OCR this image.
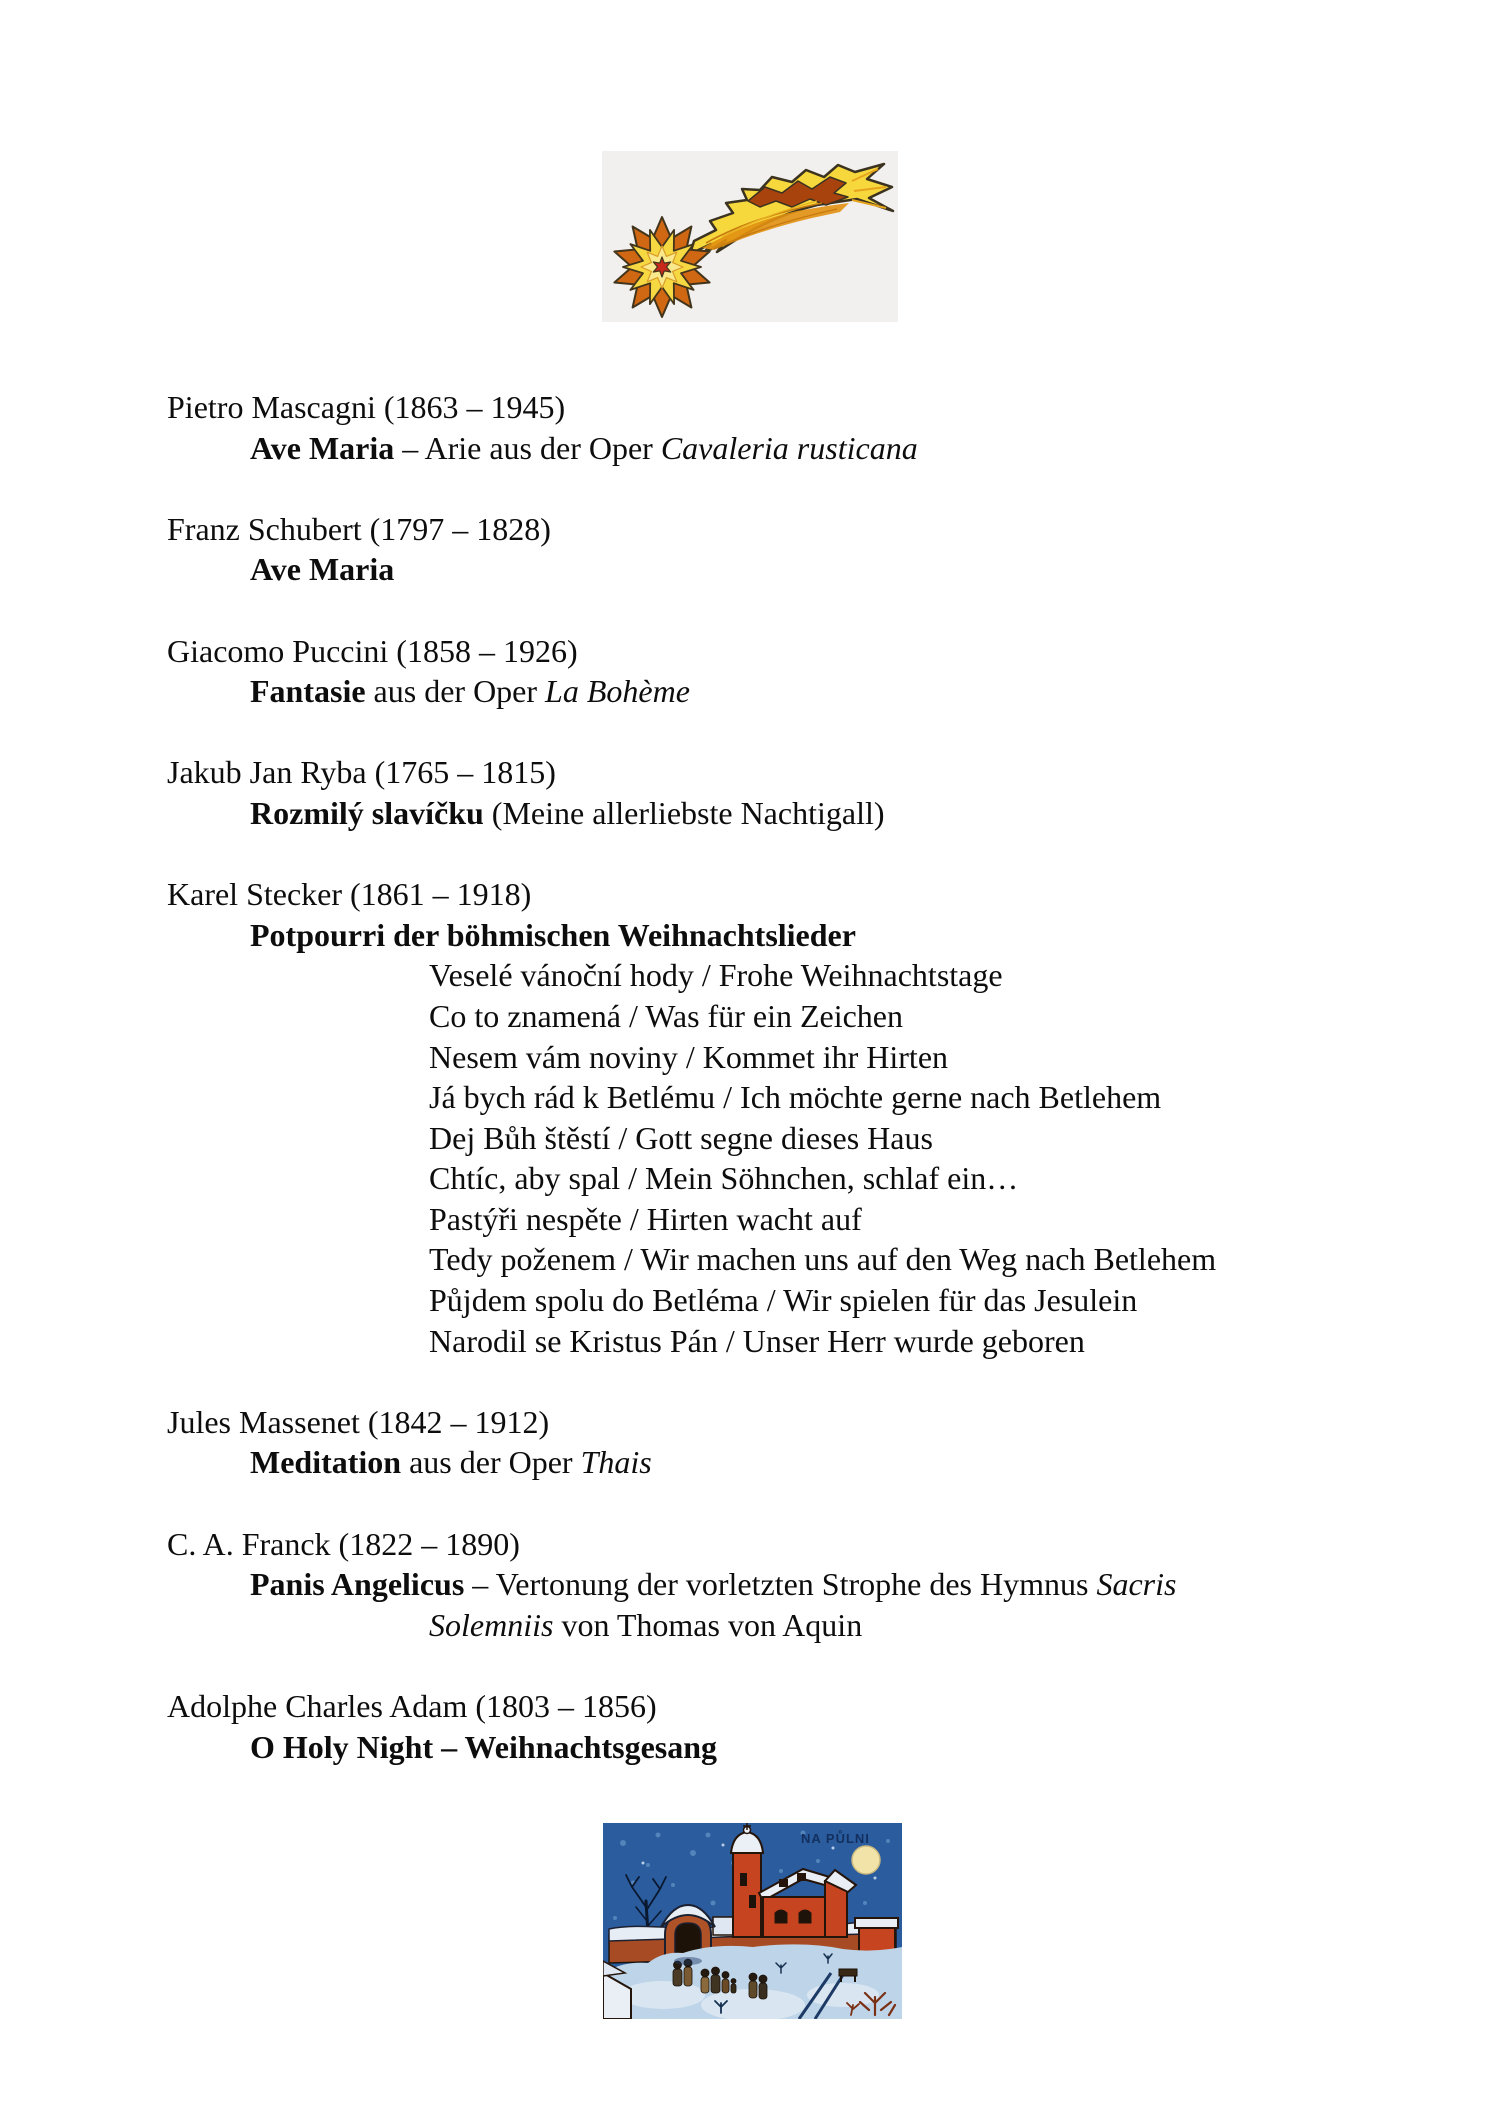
Pietro Mascagni (1863 – 1945)
Ave Maria – Arie aus der Oper Cavaleria rusticana
Franz Schubert (1797 – 1828)
Ave Maria
Giacomo Puccini (1858 – 1926)
Fantasie aus der Oper La Bohème
Jakub Jan Ryba (1765 – 1815)
Rozmilý slavíčku (Meine allerliebste Nachtigall)
Karel Stecker (1861 – 1918)
Potpourri der böhmischen Weihnachtslieder
Veselé vánoční hody / Frohe Weihnachtstage
Co to znamená / Was für ein Zeichen
Nesem vám noviny / Kommet ihr Hirten
Já bych rád k Betlému / Ich möchte gerne nach Betlehem
Dej Bůh štěstí / Gott segne dieses Haus
Chtíc, aby spal / Mein Söhnchen, schlaf ein…
Pastýři nespěte / Hirten wacht auf
Tedy poženem / Wir machen uns auf den Weg nach Betlehem
Půjdem spolu do Betléma / Wir spielen für das Jesulein
Narodil se Kristus Pán / Unser Herr wurde geboren
Jules Massenet (1842 – 1912)
Meditation aus der Oper Thais
C. A. Franck (1822 – 1890)
Panis Angelicus – Vertonung der vorletzten Strophe des Hymnus Sacris
Solemniis von Thomas von Aquin
Adolphe Charles Adam (1803 – 1856)
O Holy Night – Weihnachtsgesang
NA PŮLNI
